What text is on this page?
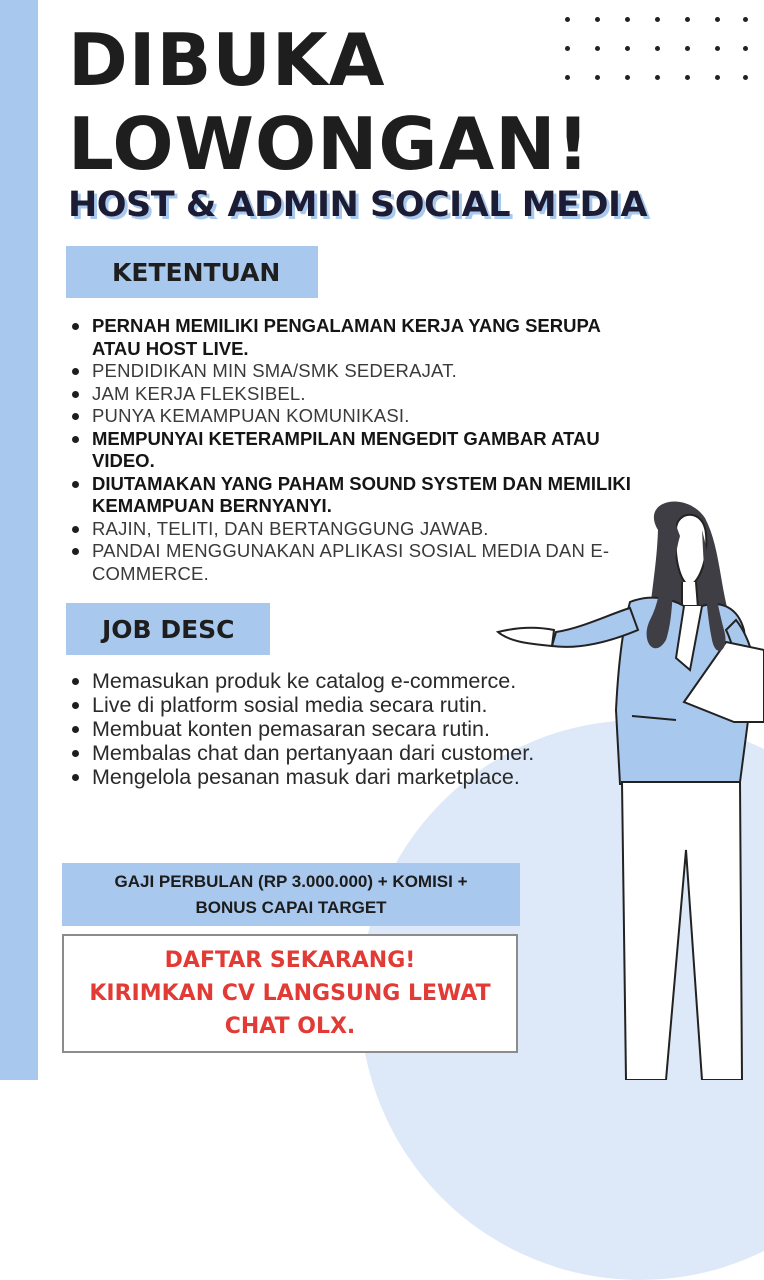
DIBUKA
LOWONGAN!
HOST & ADMIN SOCIAL MEDIA
KETENTUAN
PERNAH MEMILIKI PENGALAMAN KERJA YANG SERUPA ATAU HOST LIVE.
PENDIDIKAN MIN SMA/SMK SEDERAJAT.
JAM KERJA FLEKSIBEL.
PUNYA KEMAMPUAN KOMUNIKASI.
MEMPUNYAI KETERAMPILAN MENGEDIT GAMBAR ATAU VIDEO.
DIUTAMAKAN YANG PAHAM SOUND SYSTEM DAN MEMILIKI KEMAMPUAN BERNYANYI.
RAJIN, TELITI, DAN BERTANGGUNG JAWAB.
PANDAI MENGGUNAKAN APLIKASI SOSIAL MEDIA DAN E-COMMERCE.
JOB DESC
Memasukan produk ke catalog e-commerce.
Live di platform sosial media secara rutin.
Membuat konten pemasaran secara rutin.
Membalas chat dan pertanyaan dari customer.
Mengelola pesanan masuk dari marketplace.
GAJI PERBULAN (RP 3.000.000) + KOMISI +
BONUS CAPAI TARGET
DAFTAR SEKARANG!
KIRIMKAN CV LANGSUNG LEWAT
CHAT OLX.
